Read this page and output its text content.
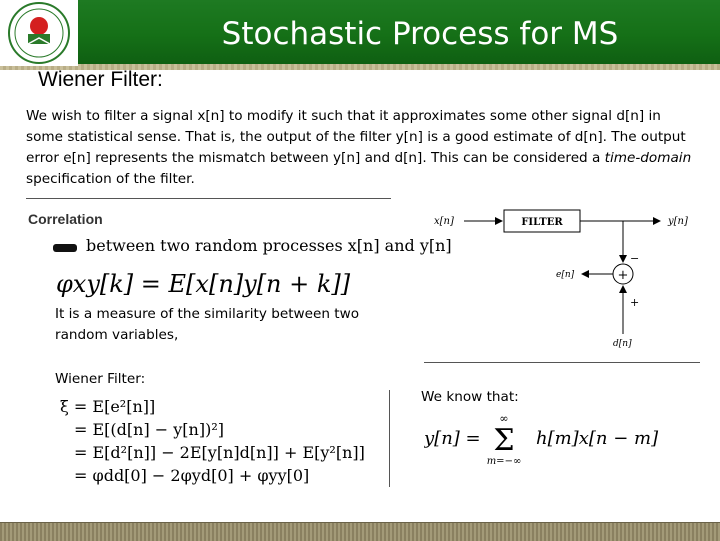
Stochastic Process for MS
Wiener Filter:
We wish to filter a signal x[n] to modify it such that it approximates some other signal d[n] in some statistical sense. That is, the output of the filter y[n] is a good estimate of d[n]. The output error e[n] represents the mismatch between y[n] and d[n]. This can be considered a time-domain specification of the filter.
Correlation
between two random processes x[n] and y[n]
φxy[k] = E[x[n]y[n + k]]
It is a measure of the similarity between two random variables,
Wiener Filter:
ξ = E[e²[n]]
= E[(d[n] − y[n])²]
= E[d²[n]] − 2E[y[n]d[n]] + E[y²[n]]
= φdd[0] − 2φyd[0] + φyy[0]
x[n]	FILTER	y[n]
−
+
e[n]
+
d[n]
We know that:
y[n] =
∞
Σ
m=−∞
h[m]x[n − m]
